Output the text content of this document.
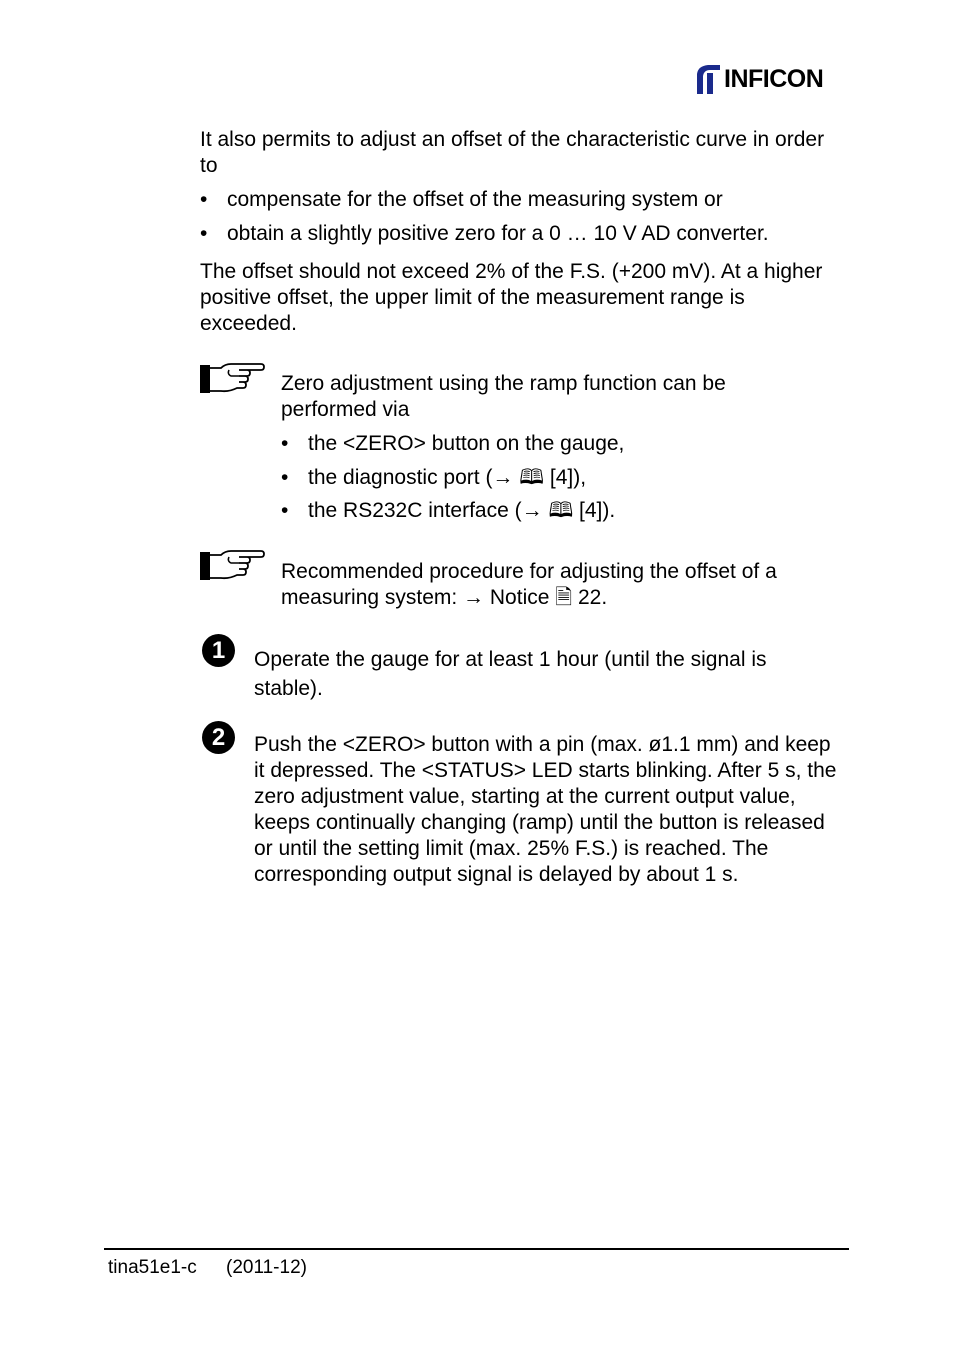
INFICON

It also permits to adjust an offset of the characteristic curve in order to

• compensate for the offset of the measuring system or
• obtain a slightly positive zero for a 0 … 10 V AD converter.

The offset should not exceed 2% of the F.S. (+200 mV). At a higher positive offset, the upper limit of the measurement range is exceeded.

Zero adjustment using the ramp function can be performed via

• the <ZERO> button on the gauge,
• the diagnostic port (→ 🕮 [4]),
• the RS232C interface (→ 🕮 [4]).

Recommended procedure for adjusting the offset of a measuring system: → Notice 🗎 22.

1	Operate the gauge for at least 1 hour (until the signal is stable).

2	Push the <ZERO> button with a pin (max. ø1.1 mm) and keep it depressed. The <STATUS> LED starts blinking. After 5 s, the zero adjustment value, starting at the current output value, keeps continually changing (ramp) until the button is released or until the setting limit (max. 25% F.S.) is reached. The corresponding output signal is delayed by about 1 s.

tina51e1-c (2011-12)
